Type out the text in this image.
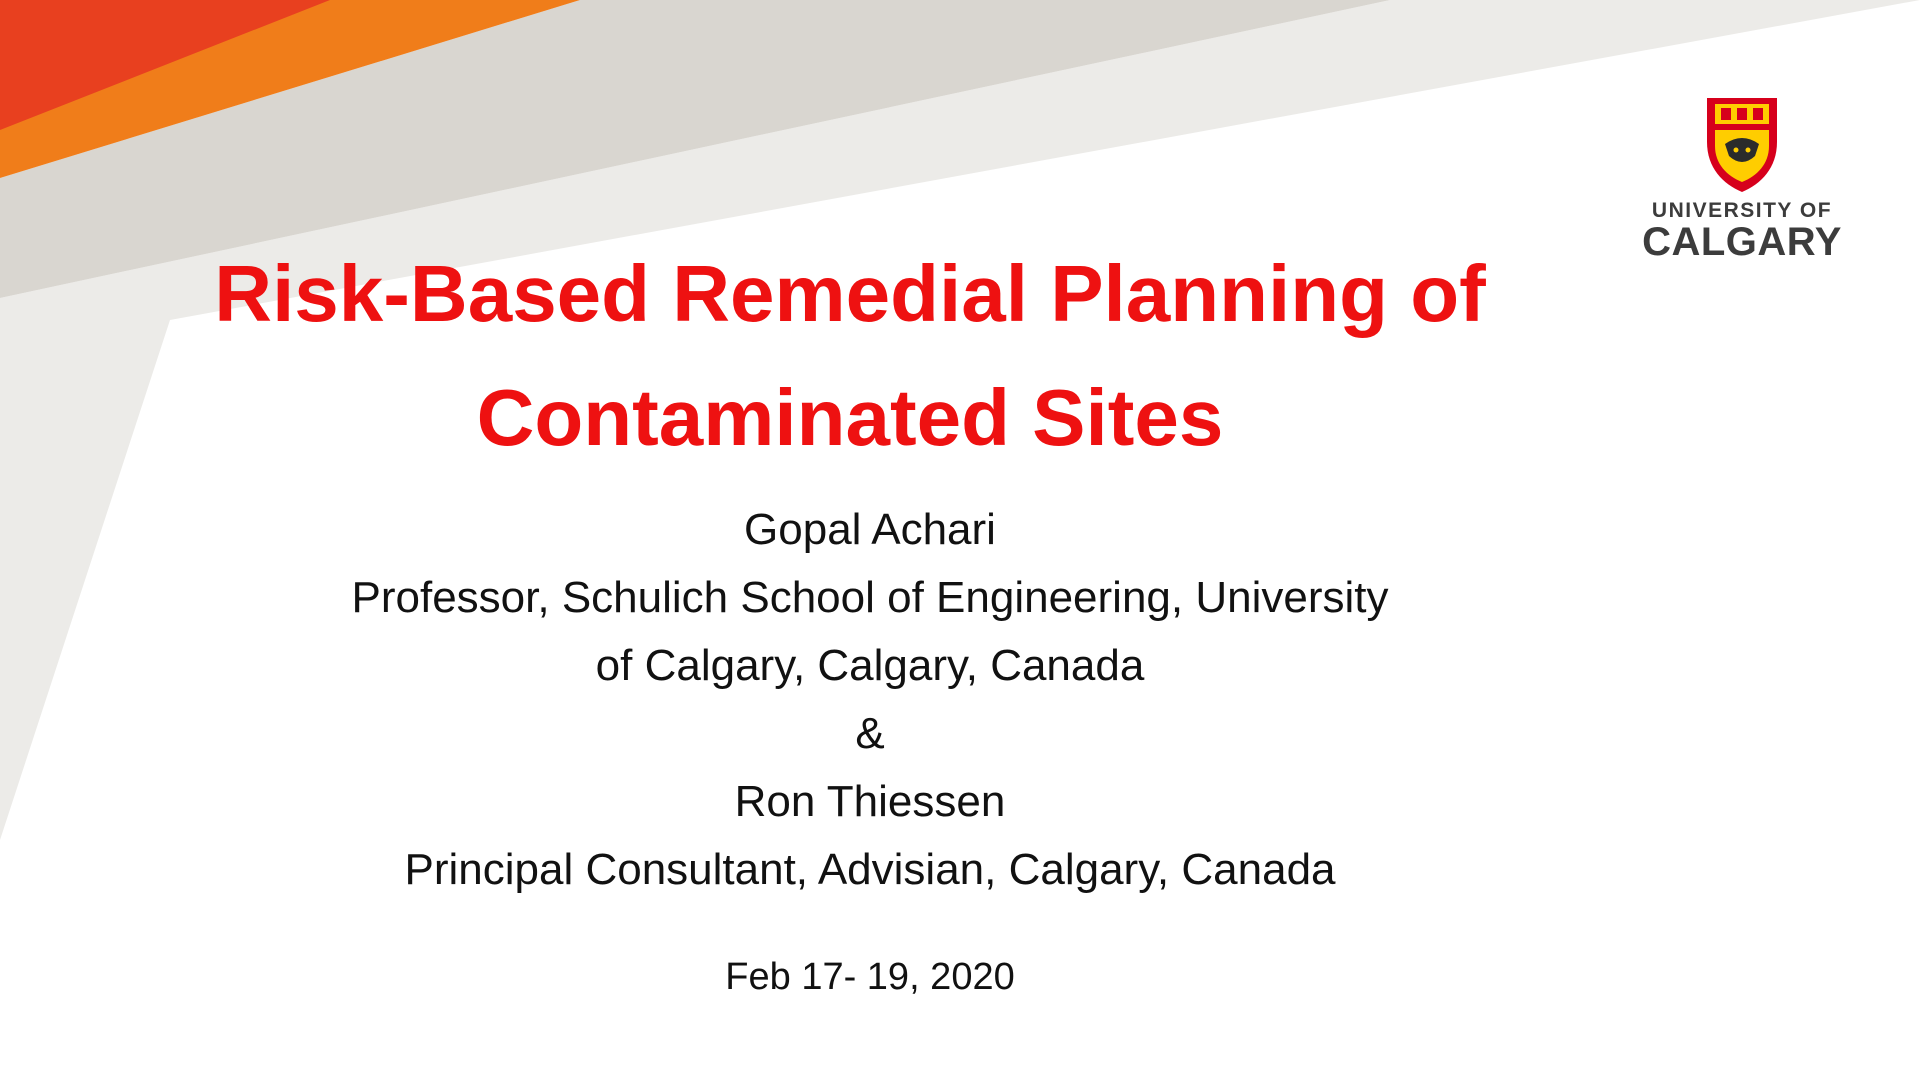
UNIVERSITY OF
CALGARY
Risk-Based Remedial Planning of
Contaminated Sites
Gopal Achari
Professor, Schulich School of Engineering, University
of Calgary, Calgary, Canada
&
Ron Thiessen
Principal Consultant, Advisian, Calgary, Canada
Feb 17- 19, 2020
